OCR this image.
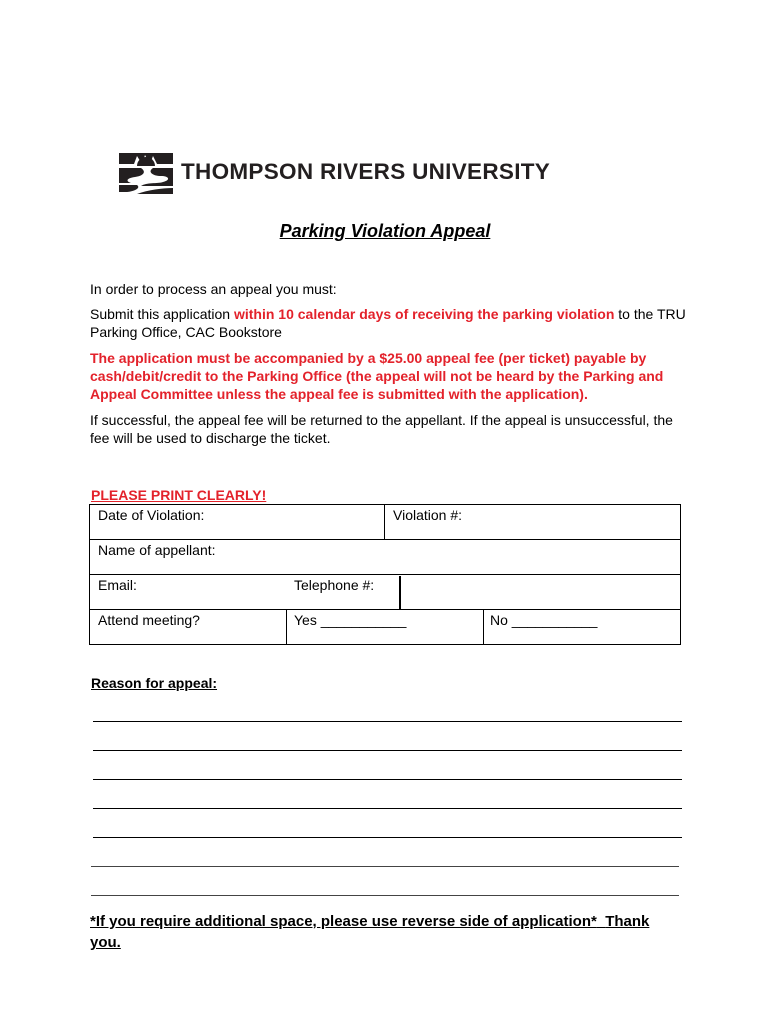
THOMPSON RIVERS UNIVERSITY
Parking Violation Appeal
In order to process an appeal you must:
Submit this application within 10 calendar days of receiving the parking violation to the TRU Parking Office, CAC Bookstore
The application must be accompanied by a $25.00 appeal fee (per ticket) payable by cash/debit/credit to the Parking Office (the appeal will not be heard by the Parking and Appeal Committee unless the appeal fee is submitted with the application).
If successful, the appeal fee will be returned to the appellant. If the appeal is unsuccessful, the fee will be used to discharge the ticket.
PLEASE PRINT CLEARLY!
Date of Violation:	Violation #:
Name of appellant:
Email:	Telephone #:
Attend meeting?	Yes ___________	No ___________
Reason for appeal:
*If you require additional space, please use reverse side of application* Thank you.
